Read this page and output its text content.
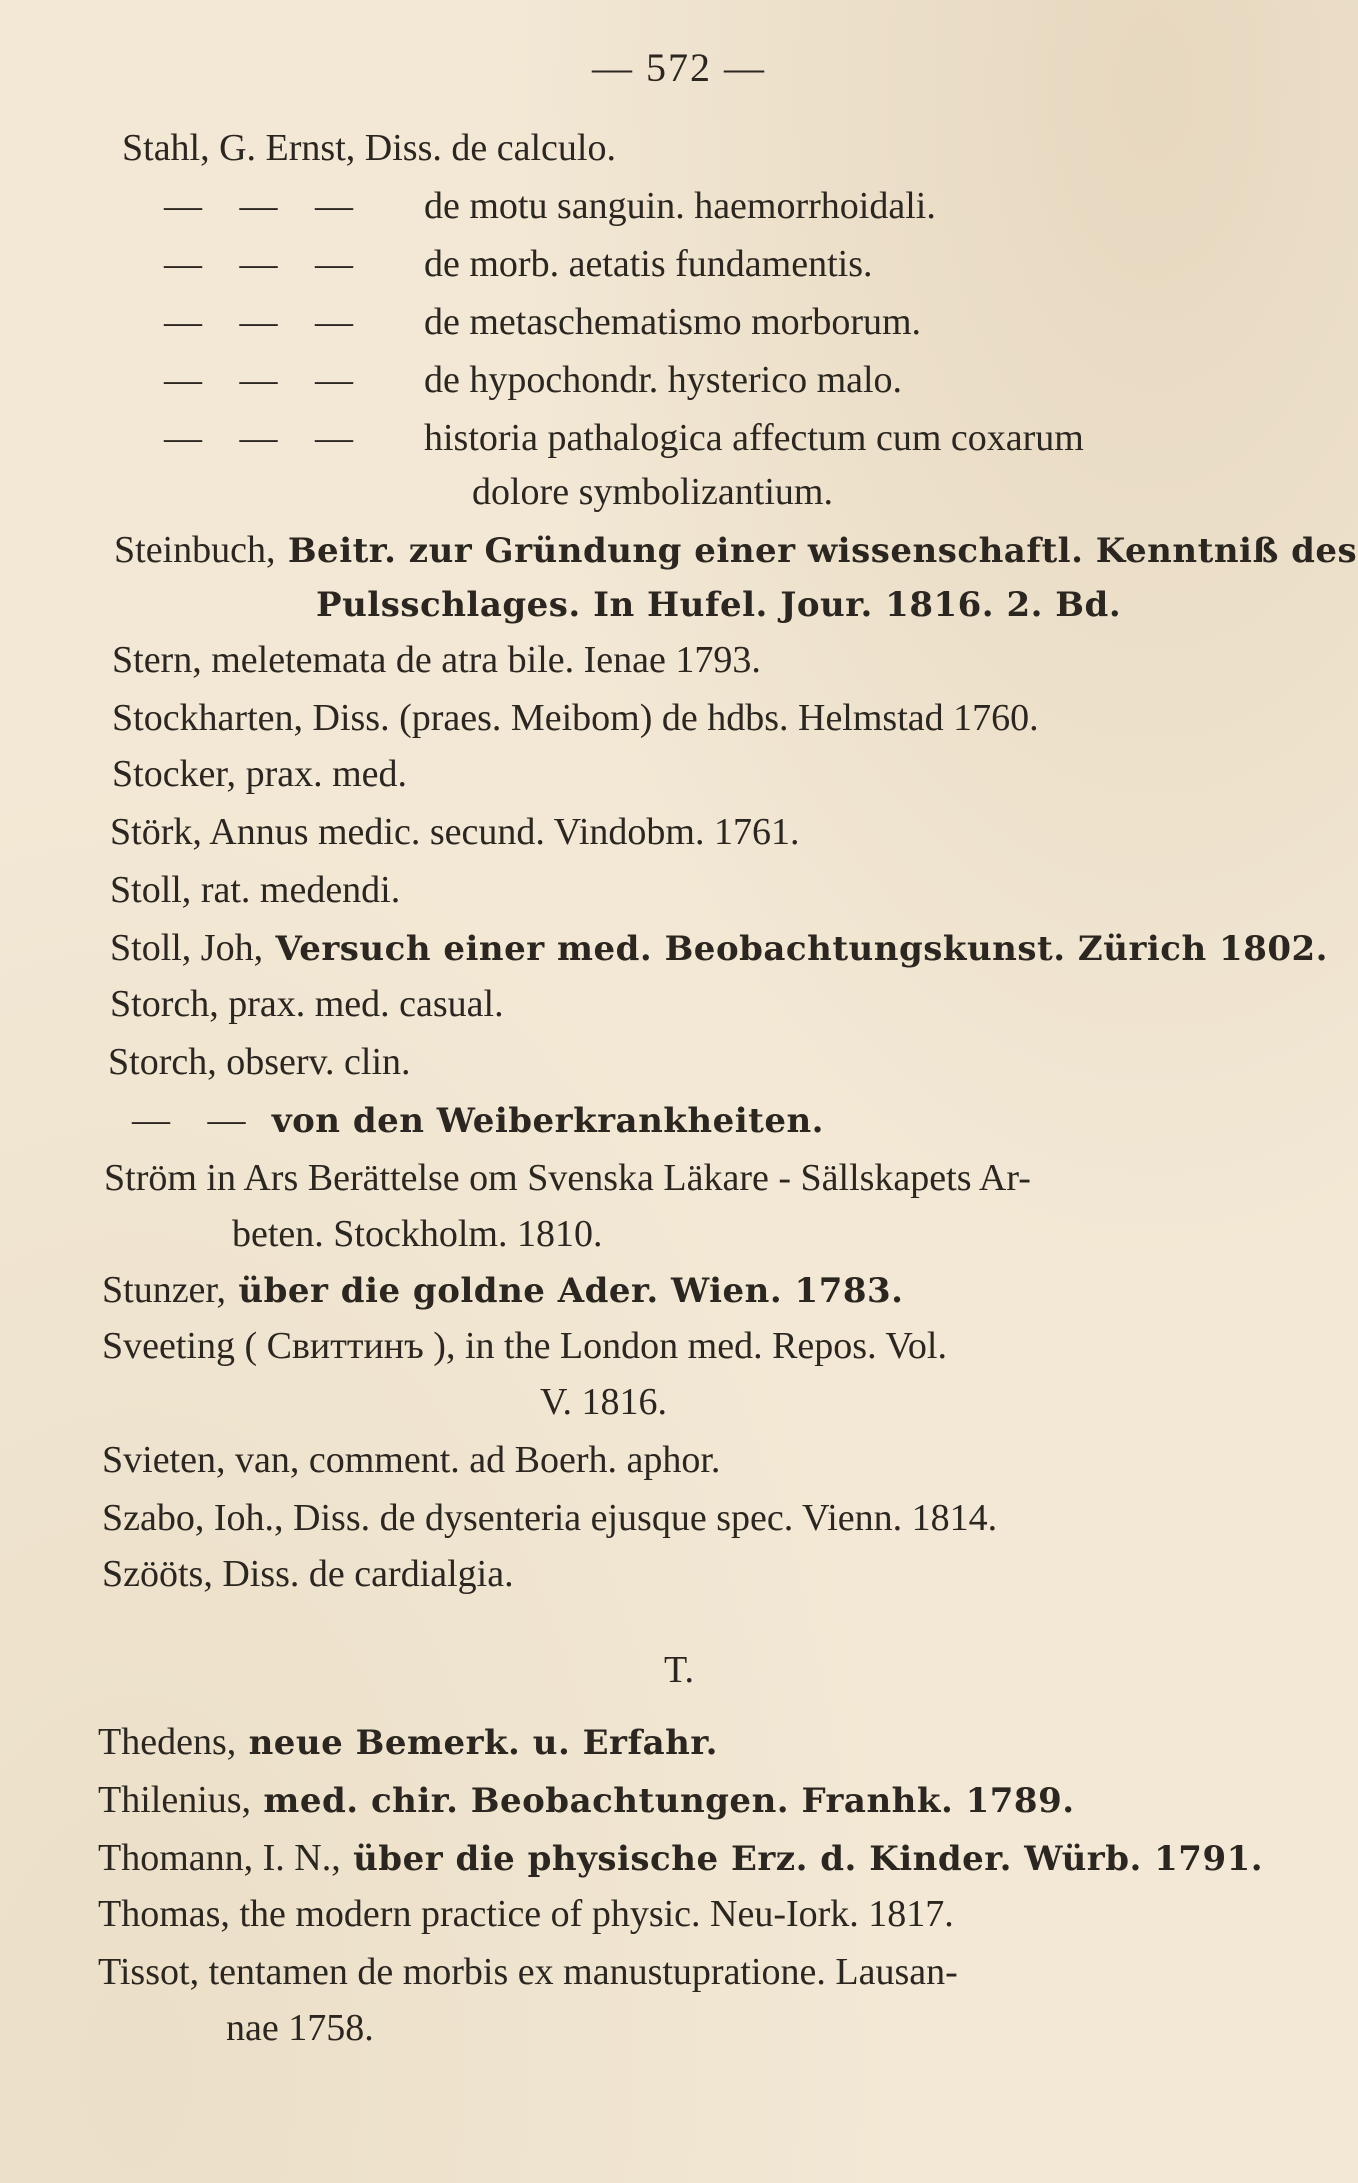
— 572 —
Stahl, G. Ernst, Diss. de calculo.
— — —      de motu sanguin. haemorrhoidali.
— — —      de morb. aetatis fundamentis.
— — —      de metaschematismo morborum.
— — —      de hypochondr. hysterico malo.
— — —      historia pathalogica affectum cum coxarum
dolore symbolizantium.
Steinbuch, Beitr. zur Gründung einer wissenschaftl. Kenntniß des
Pulsschlages. In Hufel. Jour. 1816. 2. Bd.
Stern, meletemata de atra bile. Ienae 1793.
Stockharten, Diss. (praes. Meibom) de hdbs. Helmstad 1760.
Stocker, prax. med.
Störk, Annus medic. secund. Vindobm. 1761.
Stoll, rat. medendi.
Stoll, Joh, Versuch einer med. Beobachtungskunst. Zürich 1802.
Storch, prax. med. casual.
Storch, observ. clin.
— — von den Weiberkrankheiten.
Ström in Ars Berättelse om Svenska Läkare - Sällskapets Ar-
beten. Stockholm. 1810.
Stunzer, über die goldne Ader. Wien. 1783.
Sveeting ( Свиттинъ ), in the London med. Repos. Vol.
V. 1816.
Svieten, van, comment. ad Boerh. aphor.
Szabo, Ioh., Diss. de dysenteria ejusque spec. Vienn. 1814.
Szööts, Diss. de cardialgia.
Thedens, neue Bemerk. u. Erfahr.
Thilenius, med. chir. Beobachtungen. Franhk. 1789.
Thomann, I. N., über die physische Erz. d. Kinder. Würb. 1791.
Thomas, the modern practice of physic. Neu-Iork. 1817.
Tissot, tentamen de morbis ex manustupratione. Lausan-
nae 1758.
T.
